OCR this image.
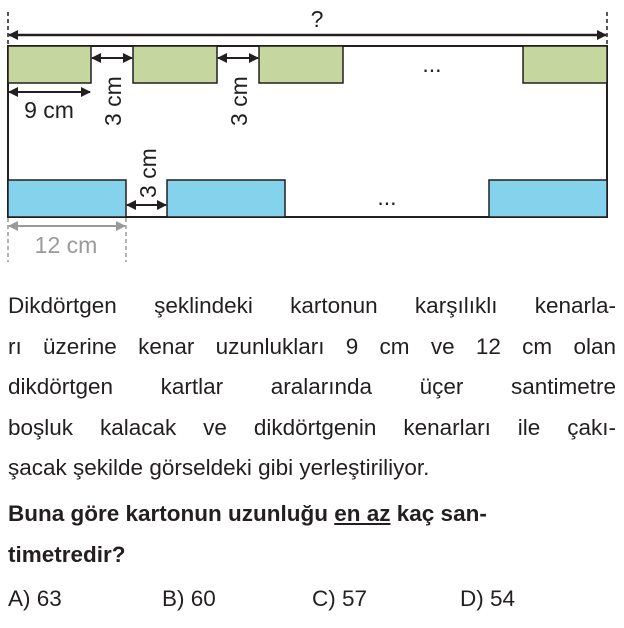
?
...
3 cm	3 cm
9 cm
...
3 cm
12 cm
Dikdörtgen şeklindeki kartonun karşılıklı kenarla-
rı üzerine kenar uzunlukları 9 cm ve 12 cm olan
dikdörtgen kartlar aralarında üçer santimetre
boşluk kalacak ve dikdörtgenin kenarları ile çakı-
şacak şekilde görseldeki gibi yerleştiriliyor.
Buna göre kartonun uzunluğu en az kaç san-
timetredir?
A) 63	B) 60	C) 57	D) 54
